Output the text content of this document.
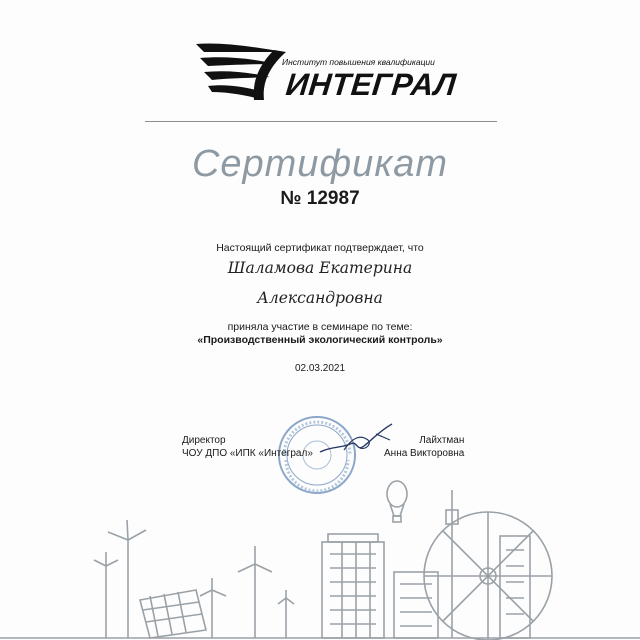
Институт повышения квалификации
ИНТЕГРАЛ
Сертификат
№ 12987
Настоящий сертификат подтверждает, что
Шаламова Екатерина
Александровна
приняла участие в семинаре по теме:
«Производственный экологический контроль»
02.03.2021
Директор
ЧОУ ДПО «ИПК «Интеграл»
Лайхтман
Анна Викторовна
